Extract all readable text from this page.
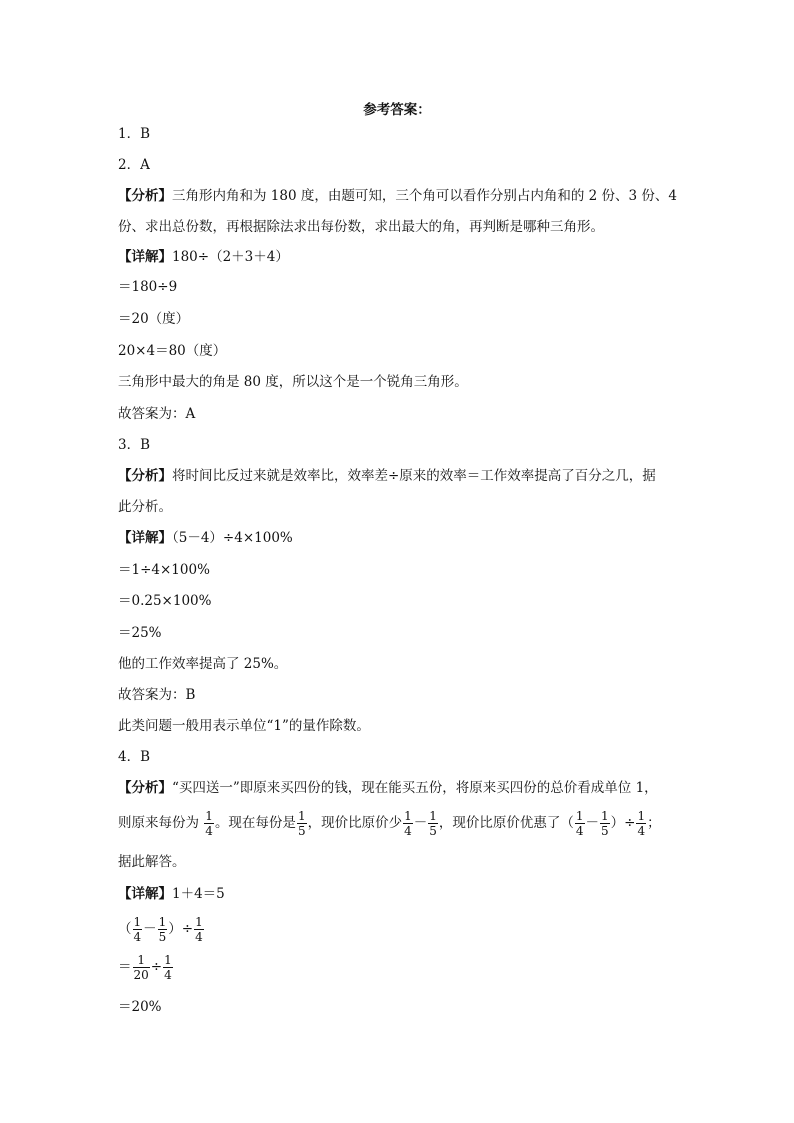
参考答案：
1．B
2．A
【分析】三角形内角和为 180 度，由题可知，三个角可以看作分别占内角和的 2 份、3 份、4
份、求出总份数，再根据除法求出每份数，求出最大的角，再判断是哪种三角形。
【详解】180÷（2＋3＋4）
＝180÷9
＝20（度）
20×4＝80（度）
三角形中最大的角是 80 度，所以这个是一个锐角三角形。
故答案为：A
3．B
【分析】将时间比反过来就是效率比，效率差÷原来的效率＝工作效率提高了百分之几，据
此分析。
【详解】（5－4）÷4×100%
＝1÷4×100%
＝0.25×100%
＝25%
他的工作效率提高了 25%。
故答案为：B
此类问题一般用表示单位“1”的量作除数。
4．B
【分析】“买四送一”即原来买四份的钱，现在能买五份，将原来买四份的总价看成单位 1，
则原来每份为 $\frac{1}{4}$ 。现在每份是 $\frac{1}{5}$ ，现价比原价少 $\frac{1}{4} - \frac{1}{5}$ ，现价比原价优惠了（ $\frac{1}{4} - \frac{1}{5}$ ）÷ $\frac{1}{4}$ ；
据此解答。
【详解】1＋4＝5
（ $\frac{1}{4} - \frac{1}{5}$ ）÷ $\frac{1}{4}$
＝ $\frac{1}{20} \div \frac{1}{4}$
＝20%
